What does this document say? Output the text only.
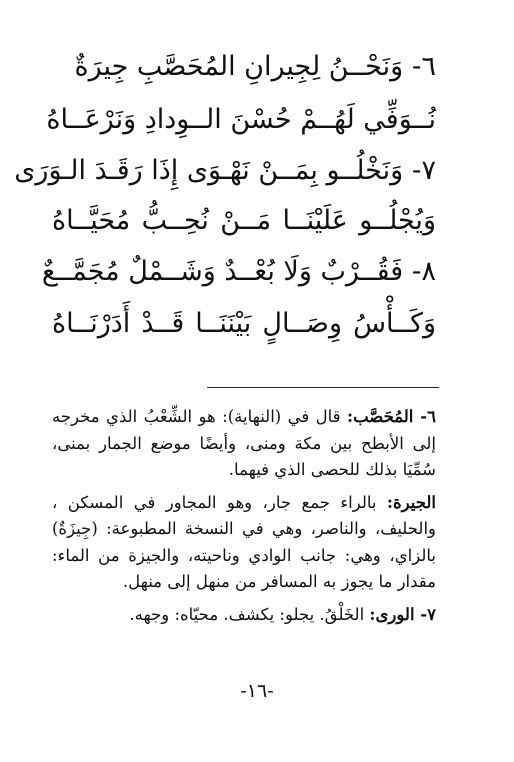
٦- وَنَحْــنُ لِجِيرانِ المُحَصَّبِ جِيرَةٌ
نُــوَفِّي لَهُــمْ حُسْنَ الــوِدادِ وَنَرْعَــاهُ
٧- وَنَخْلُــو بِمَــنْ نَهْـوَى إِذَا رَقَـدَ الـوَرَى
وَيُجْلُــو عَلَيْنَــا مَــنْ نُحِــبُّ مُحَيَّــاهُ
٨- فَقُــرْبٌ وَلَا بُعْــدٌ وَشَــمْلٌ مُجَمَّــعٌ
وَكَــأْسُ وِصَــالٍ بَيْنَنَــا قَــدْ أَدَرْنَــاهُ

٦- المُحَصَّب: قال في (النهاية): هو الشِّعْبُ الذي مخرجه إلى الأبطح بين مكة ومنى، وأيضًا موضع الجمار بمنى، سُمِّيَا بذلك للحصى الذي فيهما.

الجيرة: بالراء جمع جار، وهو المجاور في المسكن ، والحليف، والناصر، وهي في النسخة المطبوعة: (جِيزَةٌ) بالزاي، وهي: جانب الوادي وناحيته، والجيزة من الماء: مقدار ما يجوز به المسافر من منهل إلى منهل.

٧- الورى: الخَلْقُ. يجلو: يكشف. محيّاه: وجهه.

-١٦-
